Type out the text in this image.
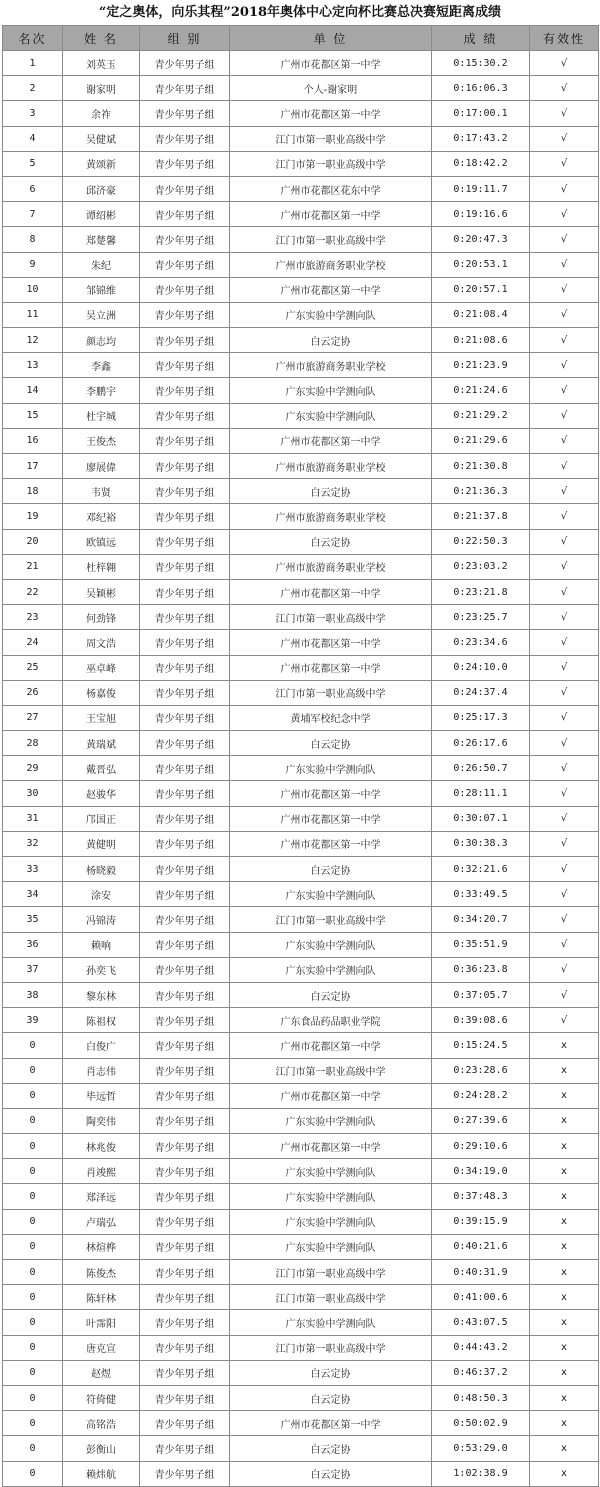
“定之奥体，向乐其程”2018年奥体中心定向杯比赛总决赛短距离成绩
名次	姓 名	组 别	单 位	成 绩	有效性
1	刘英玉	青少年男子组	广州市花都区第一中学	0:15:30.2	√
2	谢家明	青少年男子组	个人-谢家明	0:16:06.3	√
3	余祚	青少年男子组	广州市花都区第一中学	0:17:00.1	√
4	吴健斌	青少年男子组	江门市第一职业高级中学	0:17:43.2	√
5	黄颂新	青少年男子组	江门市第一职业高级中学	0:18:42.2	√
6	邱济豪	青少年男子组	广州市花都区花东中学	0:19:11.7	√
7	谭绍彬	青少年男子组	广州市花都区第一中学	0:19:16.6	√
8	郑楚馨	青少年男子组	江门市第一职业高级中学	0:20:47.3	√
9	朱纪	青少年男子组	广州市旅游商务职业学校	0:20:53.1	√
10	邹锦维	青少年男子组	广州市花都区第一中学	0:20:57.1	√
11	吴立洲	青少年男子组	广东实验中学测向队	0:21:08.4	√
12	颜志均	青少年男子组	白云定协	0:21:08.6	√
13	李鑫	青少年男子组	广州市旅游商务职业学校	0:21:23.9	√
14	李鹏宇	青少年男子组	广东实验中学测向队	0:21:24.6	√
15	杜宇城	青少年男子组	广东实验中学测向队	0:21:29.2	√
16	王俊杰	青少年男子组	广州市花都区第一中学	0:21:29.6	√
17	廖展偉	青少年男子组	广州市旅游商务职业学校	0:21:30.8	√
18	韦贤	青少年男子组	白云定协	0:21:36.3	√
19	邓纪裕	青少年男子组	广州市旅游商务职业学校	0:21:37.8	√
20	欧镇远	青少年男子组	白云定协	0:22:50.3	√
21	杜梓翱	青少年男子组	广州市旅游商务职业学校	0:23:03.2	√
22	吴颖彬	青少年男子组	广州市花都区第一中学	0:23:21.8	√
23	何劲锋	青少年男子组	江门市第一职业高级中学	0:23:25.7	√
24	周文浩	青少年男子组	广州市花都区第一中学	0:23:34.6	√
25	巫卓峰	青少年男子组	广州市花都区第一中学	0:24:10.0	√
26	杨嘉俊	青少年男子组	江门市第一职业高级中学	0:24:37.4	√
27	王宝旭	青少年男子组	黄埔军校纪念中学	0:25:17.3	√
28	黄瑞斌	青少年男子组	白云定协	0:26:17.6	√
29	戴晋弘	青少年男子组	广东实验中学测向队	0:26:50.7	√
30	赵骏华	青少年男子组	广州市花都区第一中学	0:28:11.1	√
31	邝国正	青少年男子组	广州市花都区第一中学	0:30:07.1	√
32	黄健明	青少年男子组	广州市花都区第一中学	0:30:38.3	√
33	杨晓毅	青少年男子组	白云定协	0:32:21.6	√
34	涂安	青少年男子组	广东实验中学测向队	0:33:49.5	√
35	冯锦涛	青少年男子组	江门市第一职业高级中学	0:34:20.7	√
36	赖响	青少年男子组	广东实验中学测向队	0:35:51.9	√
37	孙奕飞	青少年男子组	广东实验中学测向队	0:36:23.8	√
38	黎东林	青少年男子组	白云定协	0:37:05.7	√
39	陈祖权	青少年男子组	广东食品药品职业学院	0:39:08.6	√
0	白俊广	青少年男子组	广州市花都区第一中学	0:15:24.5	x
0	肖志伟	青少年男子组	江门市第一职业高级中学	0:23:28.6	x
0	毕远哲	青少年男子组	广州市花都区第一中学	0:24:28.2	x
0	陶奕伟	青少年男子组	广东实验中学测向队	0:27:39.6	x
0	林兆俊	青少年男子组	广州市花都区第一中学	0:29:10.6	x
0	肖竣熙	青少年男子组	广东实验中学测向队	0:34:19.0	x
0	郑泽远	青少年男子组	广东实验中学测向队	0:37:48.3	x
0	卢瑞弘	青少年男子组	广东实验中学测向队	0:39:15.9	x
0	林煊桦	青少年男子组	广东实验中学测向队	0:40:21.6	x
0	陈俊杰	青少年男子组	江门市第一职业高级中学	0:40:31.9	x
0	陈轩林	青少年男子组	江门市第一职业高级中学	0:41:00.6	x
0	叶霈阳	青少年男子组	广东实验中学测向队	0:43:07.5	x
0	唐克宣	青少年男子组	江门市第一职业高级中学	0:44:43.2	x
0	赵煜	青少年男子组	白云定协	0:46:37.2	x
0	符倚健	青少年男子组	白云定协	0:48:50.3	x
0	高铭浩	青少年男子组	广州市花都区第一中学	0:50:02.9	x
0	彭衡山	青少年男子组	白云定协	0:53:29.0	x
0	赖炜航	青少年男子组	白云定协	1:02:38.9	x
